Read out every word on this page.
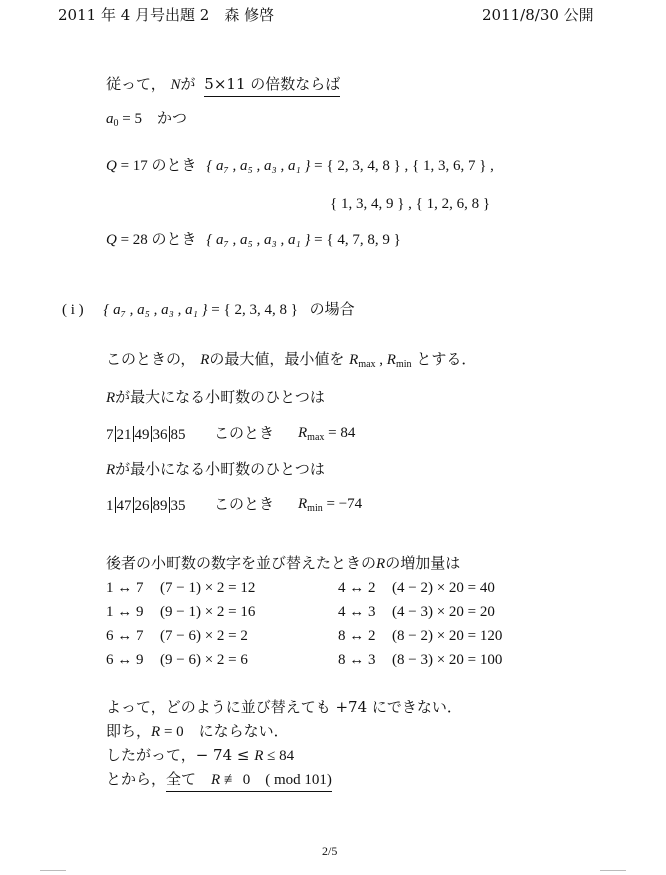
2011 年 4 月号出題 2　森 修啓	2011/8/30 公開
従って， Nが 5×11 の倍数ならば
$a_0 = 5$　かつ
Q = 17 のとき { a₇ , a₅ , a₃ , a₁ } = { 2, 3, 4, 8 } , { 1, 3, 6, 7 } ,
{ 1, 3, 4, 9 } , { 1, 2, 6, 8 }
Q = 28 のとき { a₇ , a₅ , a₃ , a₁ } = { 4, 7, 8, 9 }
( i ) { a₇ , a₅ , a₃ , a₁ } = { 2, 3, 4, 8 } の場合
このときの， Rの最大値，最小値を $R_{max}$ , $R_{min}$ とする．
Rが最大になる小町数のひとつは
7 21 49 36 85 このとき $R_{max} = 84$
Rが最小になる小町数のひとつは
1 47 26 89 35 このとき $R_{min} = -74$
後者の小町数の数字を並び替えたときのRの増加量は
1 ↔ 7 (7 − 1) × 2 = 12
1 ↔ 9 (9 − 1) × 2 = 16
6 ↔ 7 (7 − 6) × 2 = 2
6 ↔ 9 (9 − 6) × 2 = 6
4 ↔ 2 (4 − 2) × 20 = 40
4 ↔ 3 (4 − 3) × 20 = 20
8 ↔ 2 (8 − 2) × 20 = 120
8 ↔ 3 (8 − 3) × 20 = 100
よって，どのように並び替えても +74 にできない．
即ち，R = 0　にならない．
したがって，− 74 ≤ R ≤ 84
とから，全て　R ≢ 0　( mod 101)
2/5
